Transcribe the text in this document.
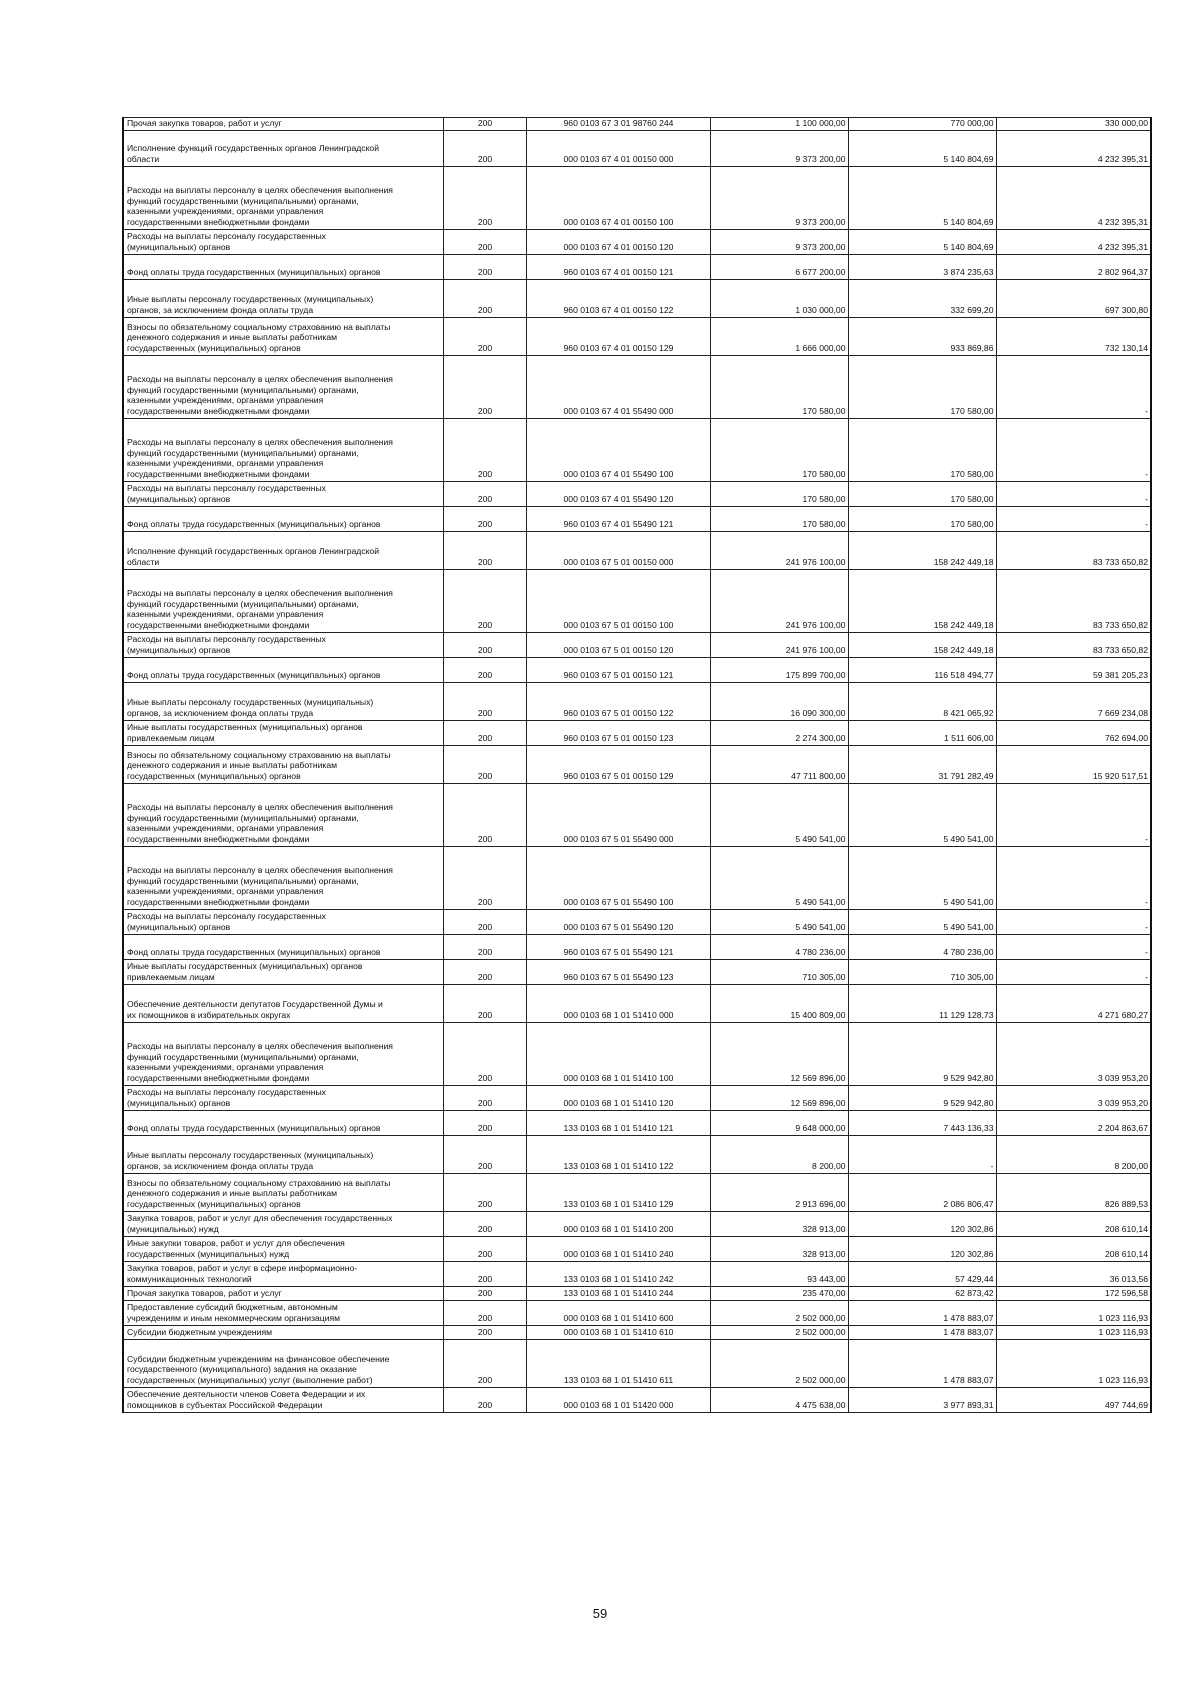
Прочая закупка товаров, работ и услуг	200	960 0103 67 3 01 98760 244	1 100 000,00	770 000,00	330 000,00
Исполнение функций государственных органов Ленинградской
области	200	000 0103 67 4 01 00150 000	9 373 200,00	5 140 804,69	4 232 395,31
Расходы на выплаты персоналу в целях обеспечения выполнения
функций государственными (муниципальными) органами,
казенными учреждениями, органами управления
государственными внебюджетными фондами	200	000 0103 67 4 01 00150 100	9 373 200,00	5 140 804,69	4 232 395,31
Расходы на выплаты персоналу государственных
(муниципальных) органов	200	000 0103 67 4 01 00150 120	9 373 200,00	5 140 804,69	4 232 395,31
Фонд оплаты труда государственных (муниципальных) органов	200	960 0103 67 4 01 00150 121	6 677 200,00	3 874 235,63	2 802 964,37
Иные выплаты персоналу государственных (муниципальных)
органов, за исключением фонда оплаты труда	200	960 0103 67 4 01 00150 122	1 030 000,00	332 699,20	697 300,80
Взносы по обязательному социальному страхованию на выплаты
денежного содержания и иные выплаты работникам
государственных (муниципальных) органов	200	960 0103 67 4 01 00150 129	1 666 000,00	933 869,86	732 130,14
Расходы на выплаты персоналу в целях обеспечения выполнения
функций государственными (муниципальными) органами,
казенными учреждениями, органами управления
государственными внебюджетными фондами	200	000 0103 67 4 01 55490 000	170 580,00	170 580,00	-
Расходы на выплаты персоналу в целях обеспечения выполнения
функций государственными (муниципальными) органами,
казенными учреждениями, органами управления
государственными внебюджетными фондами	200	000 0103 67 4 01 55490 100	170 580,00	170 580,00	-
Расходы на выплаты персоналу государственных
(муниципальных) органов	200	000 0103 67 4 01 55490 120	170 580,00	170 580,00	-
Фонд оплаты труда государственных (муниципальных) органов	200	960 0103 67 4 01 55490 121	170 580,00	170 580,00	-
Исполнение функций государственных органов Ленинградской
области	200	000 0103 67 5 01 00150 000	241 976 100,00	158 242 449,18	83 733 650,82
Расходы на выплаты персоналу в целях обеспечения выполнения
функций государственными (муниципальными) органами,
казенными учреждениями, органами управления
государственными внебюджетными фондами	200	000 0103 67 5 01 00150 100	241 976 100,00	158 242 449,18	83 733 650,82
Расходы на выплаты персоналу государственных
(муниципальных) органов	200	000 0103 67 5 01 00150 120	241 976 100,00	158 242 449,18	83 733 650,82
Фонд оплаты труда государственных (муниципальных) органов	200	960 0103 67 5 01 00150 121	175 899 700,00	116 518 494,77	59 381 205,23
Иные выплаты персоналу государственных (муниципальных)
органов, за исключением фонда оплаты труда	200	960 0103 67 5 01 00150 122	16 090 300,00	8 421 065,92	7 669 234,08
Иные выплаты государственных (муниципальных) органов
привлекаемым лицам	200	960 0103 67 5 01 00150 123	2 274 300,00	1 511 606,00	762 694,00
Взносы по обязательному социальному страхованию на выплаты
денежного содержания и иные выплаты работникам
государственных (муниципальных) органов	200	960 0103 67 5 01 00150 129	47 711 800,00	31 791 282,49	15 920 517,51
Расходы на выплаты персоналу в целях обеспечения выполнения
функций государственными (муниципальными) органами,
казенными учреждениями, органами управления
государственными внебюджетными фондами	200	000 0103 67 5 01 55490 000	5 490 541,00	5 490 541,00	-
Расходы на выплаты персоналу в целях обеспечения выполнения
функций государственными (муниципальными) органами,
казенными учреждениями, органами управления
государственными внебюджетными фондами	200	000 0103 67 5 01 55490 100	5 490 541,00	5 490 541,00	-
Расходы на выплаты персоналу государственных
(муниципальных) органов	200	000 0103 67 5 01 55490 120	5 490 541,00	5 490 541,00	-
Фонд оплаты труда государственных (муниципальных) органов	200	960 0103 67 5 01 55490 121	4 780 236,00	4 780 236,00	-
Иные выплаты государственных (муниципальных) органов
привлекаемым лицам	200	960 0103 67 5 01 55490 123	710 305,00	710 305,00	-
Обеспечение деятельности депутатов Государственной Думы и
их помощников в избирательных округах	200	000 0103 68 1 01 51410 000	15 400 809,00	11 129 128,73	4 271 680,27
Расходы на выплаты персоналу в целях обеспечения выполнения
функций государственными (муниципальными) органами,
казенными учреждениями, органами управления
государственными внебюджетными фондами	200	000 0103 68 1 01 51410 100	12 569 896,00	9 529 942,80	3 039 953,20
Расходы на выплаты персоналу государственных
(муниципальных) органов	200	000 0103 68 1 01 51410 120	12 569 896,00	9 529 942,80	3 039 953,20
Фонд оплаты труда государственных (муниципальных) органов	200	133 0103 68 1 01 51410 121	9 648 000,00	7 443 136,33	2 204 863,67
Иные выплаты персоналу государственных (муниципальных)
органов, за исключением фонда оплаты труда	200	133 0103 68 1 01 51410 122	8 200,00	-	8 200,00
Взносы по обязательному социальному страхованию на выплаты
денежного содержания и иные выплаты работникам
государственных (муниципальных) органов	200	133 0103 68 1 01 51410 129	2 913 696,00	2 086 806,47	826 889,53
Закупка товаров, работ и услуг для обеспечения государственных
(муниципальных) нужд	200	000 0103 68 1 01 51410 200	328 913,00	120 302,86	208 610,14
Иные закупки товаров, работ и услуг для обеспечения
государственных (муниципальных) нужд	200	000 0103 68 1 01 51410 240	328 913,00	120 302,86	208 610,14
Закупка товаров, работ и услуг в сфере информационно-
коммуникационных технологий	200	133 0103 68 1 01 51410 242	93 443,00	57 429,44	36 013,56
Прочая закупка товаров, работ и услуг	200	133 0103 68 1 01 51410 244	235 470,00	62 873,42	172 596,58
Предоставление субсидий бюджетным, автономным
учреждениям и иным некоммерческим организациям	200	000 0103 68 1 01 51410 600	2 502 000,00	1 478 883,07	1 023 116,93
Субсидии бюджетным учреждениям	200	000 0103 68 1 01 51410 610	2 502 000,00	1 478 883,07	1 023 116,93
Субсидии бюджетным учреждениям на финансовое обеспечение
государственного (муниципального) задания на оказание
государственных (муниципальных) услуг (выполнение работ)	200	133 0103 68 1 01 51410 611	2 502 000,00	1 478 883,07	1 023 116,93
Обеспечение деятельности членов Совета Федерации и их
помощников в субъектах Российской Федерации	200	000 0103 68 1 01 51420 000	4 475 638,00	3 977 893,31	497 744,69
59
